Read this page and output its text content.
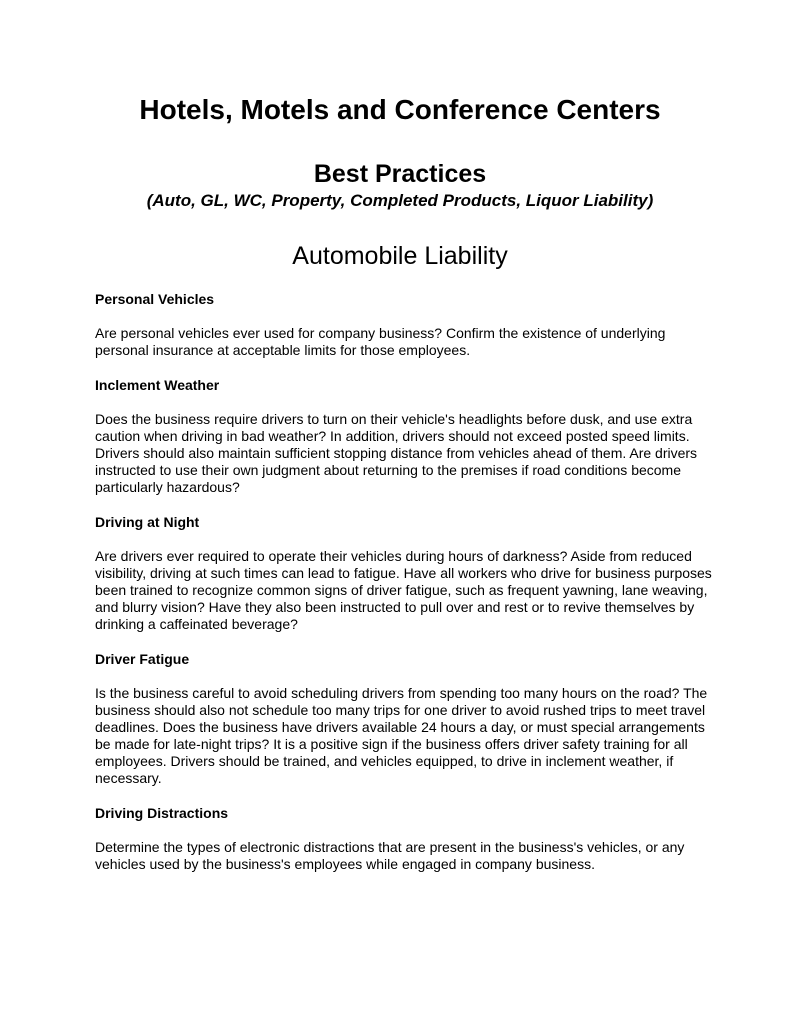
Hotels, Motels and Conference Centers
Best Practices

(Auto, GL, WC, Property, Completed Products, Liquor Liability)

Automobile Liability
Personal Vehicles

Are personal vehicles ever used for company business? Confirm the existence of underlying personal insurance at acceptable limits for those employees.

Inclement Weather

Does the business require drivers to turn on their vehicle's headlights before dusk, and use extra caution when driving in bad weather? In addition, drivers should not exceed posted speed limits. Drivers should also maintain sufficient stopping distance from vehicles ahead of them. Are drivers instructed to use their own judgment about returning to the premises if road conditions become particularly hazardous?

Driving at Night

Are drivers ever required to operate their vehicles during hours of darkness? Aside from reduced visibility, driving at such times can lead to fatigue. Have all workers who drive for business purposes been trained to recognize common signs of driver fatigue, such as frequent yawning, lane weaving, and blurry vision? Have they also been instructed to pull over and rest or to revive themselves by drinking a caffeinated beverage?

Driver Fatigue

Is the business careful to avoid scheduling drivers from spending too many hours on the road? The business should also not schedule too many trips for one driver to avoid rushed trips to meet travel deadlines. Does the business have drivers available 24 hours a day, or must special arrangements be made for late-night trips? It is a positive sign if the business offers driver safety training for all employees. Drivers should be trained, and vehicles equipped, to drive in inclement weather, if necessary.

Driving Distractions

Determine the types of electronic distractions that are present in the business's vehicles, or any vehicles used by the business's employees while engaged in company business.
